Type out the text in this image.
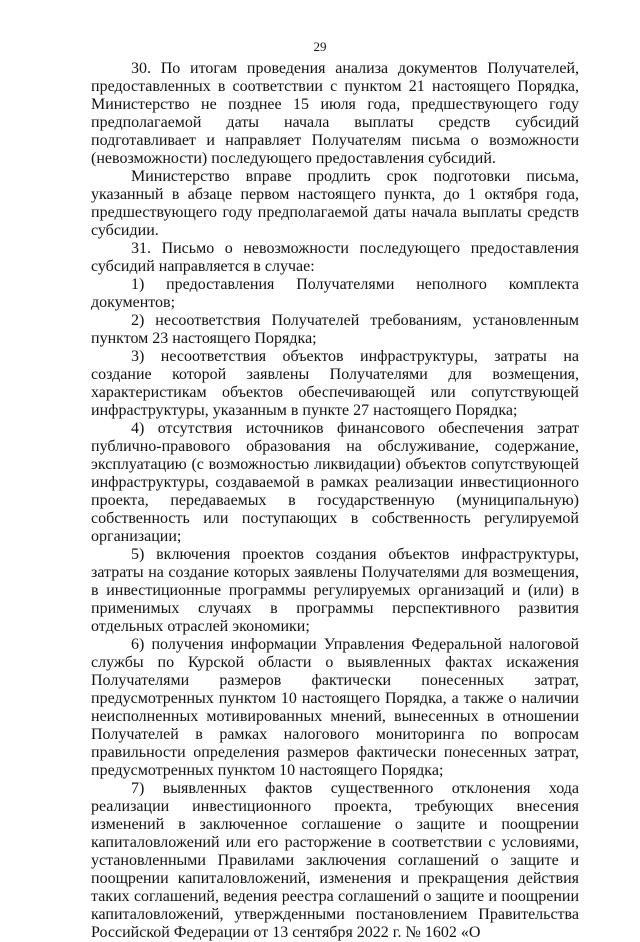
29

30. По итогам проведения анализа документов Получателей, предоставленных в соответствии с пунктом 21 настоящего Порядка, Министерство не позднее 15 июля года, предшествующего году предполагаемой даты начала выплаты средств субсидий подготавливает и направляет Получателям письма о возможности (невозможности) последующего предоставления субсидий.

Министерство вправе продлить срок подготовки письма, указанный в абзаце первом настоящего пункта, до 1 октября года, предшествующего году предполагаемой даты начала выплаты средств субсидии.

31. Письмо о невозможности последующего предоставления субсидий направляется в случае:

1) предоставления Получателями неполного комплекта документов;

2) несоответствия Получателей требованиям, установленным пунктом 23 настоящего Порядка;

3) несоответствия объектов инфраструктуры, затраты на создание которой заявлены Получателями для возмещения, характеристикам объектов обеспечивающей или сопутствующей инфраструктуры, указанным в пункте 27 настоящего Порядка;

4) отсутствия источников финансового обеспечения затрат публично-правового образования на обслуживание, содержание, эксплуатацию (с возможностью ликвидации) объектов сопутствующей инфраструктуры, создаваемой в рамках реализации инвестиционного проекта, передаваемых в государственную (муниципальную) собственность или поступающих в собственность регулируемой организации;

5) включения проектов создания объектов инфраструктуры, затраты на создание которых заявлены Получателями для возмещения, в инвестиционные программы регулируемых организаций и (или) в применимых случаях в программы перспективного развития отдельных отраслей экономики;

6) получения информации Управления Федеральной налоговой службы по Курской области о выявленных фактах искажения Получателями размеров фактически понесенных затрат, предусмотренных пунктом 10 настоящего Порядка, а также о наличии неисполненных мотивированных мнений, вынесенных в отношении Получателей в рамках налогового мониторинга по вопросам правильности определения размеров фактически понесенных затрат, предусмотренных пунктом 10 настоящего Порядка;

7) выявленных фактов существенного отклонения хода реализации инвестиционного проекта, требующих внесения изменений в заключенное соглашение о защите и поощрении капиталовложений или его расторжение в соответствии с условиями, установленными Правилами заключения соглашений о защите и поощрении капиталовложений, изменения и прекращения действия таких соглашений, ведения реестра соглашений о защите и поощрении капиталовложений, утвержденными постановлением Правительства Российской Федерации от 13 сентября 2022 г. № 1602 «О
